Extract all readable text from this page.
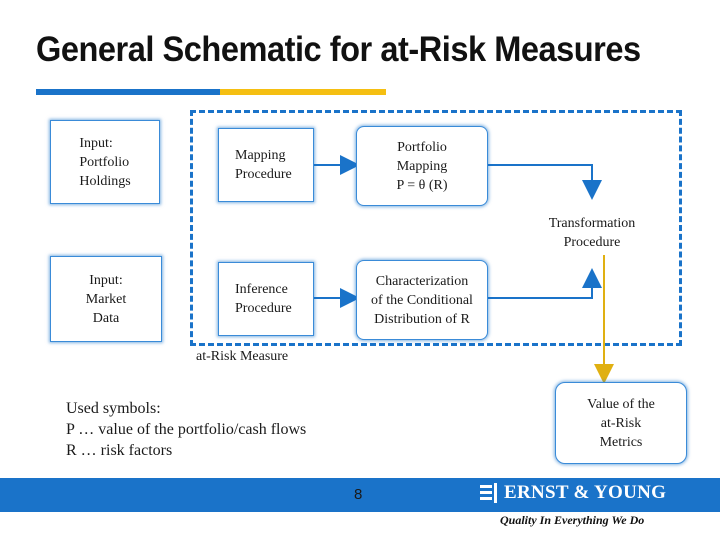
General Schematic for at-Risk Measures
Input:
Portfolio
Holdings
Mapping
Procedure
Portfolio
Mapping
P = θ (R)
Transformation
Procedure
Input:
Market
Data
Inference
Procedure
Characterization
of the Conditional
Distribution of R
at-Risk Measure
Value of the
at-Risk
Metrics
Used symbols:
P … value of the portfolio/cash flows
R … risk factors
8	ERNST & YOUNG
Quality In Everything We Do
